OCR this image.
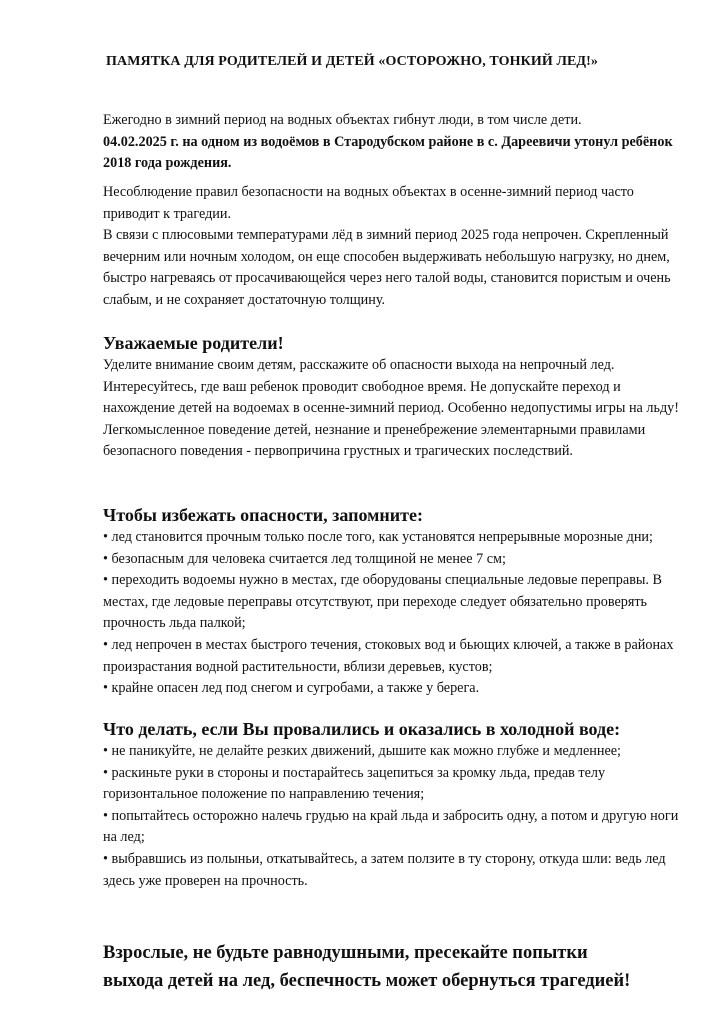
ПАМЯТКА ДЛЯ РОДИТЕЛЕЙ И ДЕТЕЙ «ОСТОРОЖНО, ТОНКИЙ ЛЕД!»

Ежегодно в зимний период на водных объектах гибнут люди, в том числе дети.

04.02.2025 г. на одном из водоёмов в Стародубском районе в с. Дареевичи утонул ребёнок 2018 года рождения.

Несоблюдение правил безопасности на водных объектах в осенне-зимний период часто приводит к трагедии.

В связи с плюсовыми температурами лёд в зимний период 2025 года непрочен. Скрепленный вечерним или ночным холодом, он еще способен выдерживать небольшую нагрузку, но днем, быстро нагреваясь от просачивающейся через него талой воды, становится пористым и очень слабым, и не сохраняет достаточную толщину.

Уважаемые родители!

Уделите внимание своим детям, расскажите об опасности выхода на непрочный лед. Интересуйтесь, где ваш ребенок проводит свободное время. Не допускайте переход и нахождение детей на водоемах в осенне-зимний период. Особенно недопустимы игры на льду!

Легкомысленное поведение детей, незнание и пренебрежение элементарными правилами безопасного поведения - первопричина грустных и трагических последствий.

Чтобы избежать опасности, запомните:

• лед становится прочным только после того, как установятся непрерывные морозные дни;

• безопасным для человека считается лед толщиной не менее 7 см;

• переходить водоемы нужно в местах, где оборудованы специальные ледовые переправы. В местах, где ледовые переправы отсутствуют, при переходе следует обязательно проверять прочность льда палкой;

• лед непрочен в местах быстрого течения, стоковых вод и бьющих ключей, а также в районах произрастания водной растительности, вблизи деревьев, кустов;

• крайне опасен лед под снегом и сугробами, а также у берега.

Что делать, если Вы провалились и оказались в холодной воде:

• не паникуйте, не делайте резких движений, дышите как можно глубже и медленнее;

• раскиньте руки в стороны и постарайтесь зацепиться за кромку льда, предав телу горизонтальное положение по направлению течения;

• попытайтесь осторожно налечь грудью на край льда и забросить одну, а потом и другую ноги на лед;

• выбравшись из полыньи, откатывайтесь, а затем ползите в ту сторону, откуда шли: ведь лед здесь уже проверен на прочность.

Взрослые, не будьте равнодушными, пресекайте попытки
выхода детей на лед, беспечность может обернуться трагедией!
